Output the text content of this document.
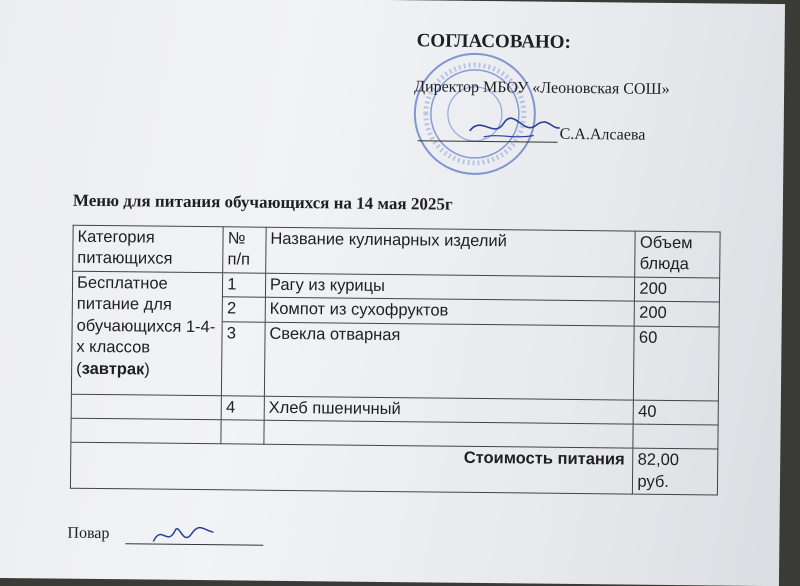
СОГЛАСОВАНО:
Директор МБОУ «Леоновская СОШ»
С.А.Алсаева
Меню для питания обучающихся на 14 мая 2025г
Категория питающихся	№ п/п	Название кулинарных изделий	Объем блюда
Бесплатное питание для обучающихся 1-4-х классов (завтрак)	1	Рагу из курицы	200
	2	Компот из сухофруктов	200
	3	Свекла отварная	60
	4	Хлеб пшеничный	40

Стоимость питания			82,00 руб.
Повар
